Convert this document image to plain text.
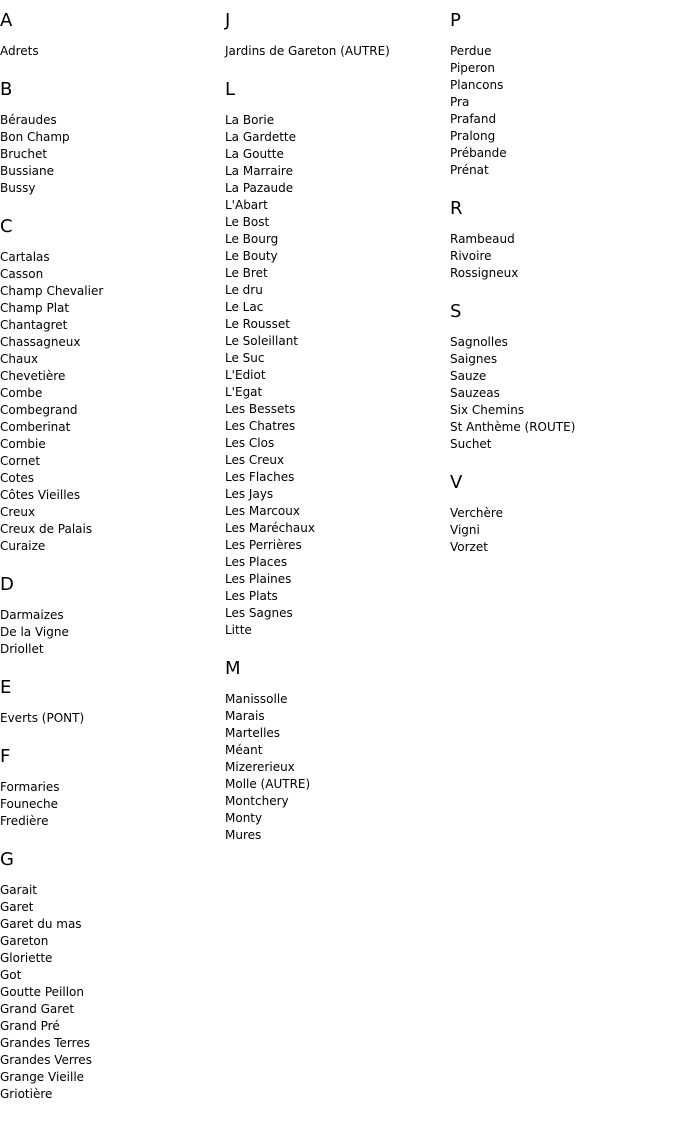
A
Adrets
B
Béraudes
Bon Champ
Bruchet
Bussiane
Bussy
C
Cartalas
Casson
Champ Chevalier
Champ Plat
Chantagret
Chassagneux
Chaux
Chevetière
Combe
Combegrand
Comberinat
Combie
Cornet
Cotes
Côtes Vieilles
Creux
Creux de Palais
Curaize
D
Darmaizes
De la Vigne
Driollet
E
Everts (PONT)
F
Formaries
Founeche
Fredière
G
Garait
Garet
Garet du mas
Gareton
Gloriette
Got
Goutte Peillon
Grand Garet
Grand Pré
Grandes Terres
Grandes Verres
Grange Vieille
Griotière
J
Jardins de Gareton (AUTRE)
L
La Borie
La Gardette
La Goutte
La Marraire
La Pazaude
L'Abart
Le Bost
Le Bourg
Le Bouty
Le Bret
Le dru
Le Lac
Le Rousset
Le Soleillant
Le Suc
L'Ediot
L'Egat
Les Bessets
Les Chatres
Les Clos
Les Creux
Les Flaches
Les Jays
Les Marcoux
Les Maréchaux
Les Perrières
Les Places
Les Plaines
Les Plats
Les Sagnes
Litte
M
Manissolle
Marais
Martelles
Méant
Mizererieux
Molle (AUTRE)
Montchery
Monty
Mures
P
Perdue
Piperon
Plancons
Pra
Prafand
Pralong
Prébande
Prénat
R
Rambeaud
Rivoire
Rossigneux
S
Sagnolles
Saignes
Sauze
Sauzeas
Six Chemins
St Anthème (ROUTE)
Suchet
V
Verchère
Vigni
Vorzet
